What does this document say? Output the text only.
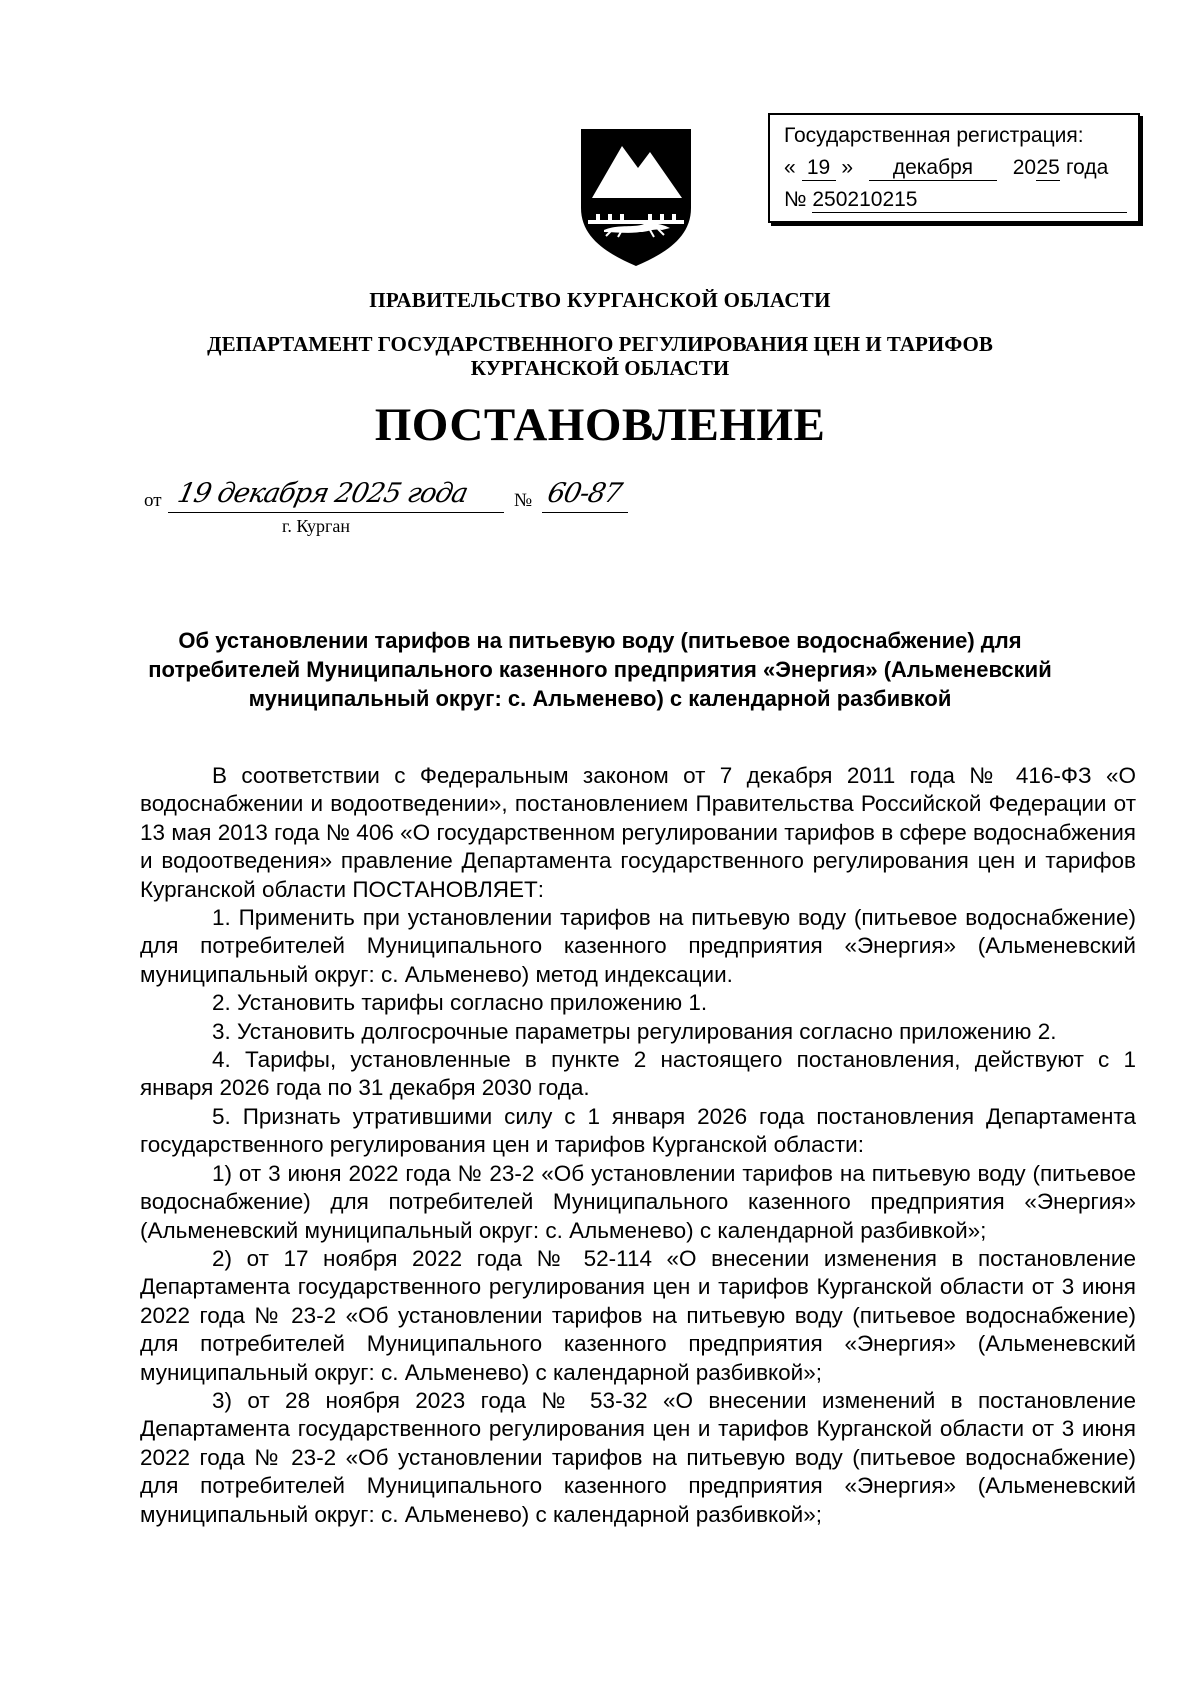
Государственная регистрация:
« 19 » декабря 2025 года
№ 250210215
ПРАВИТЕЛЬСТВО КУРГАНСКОЙ ОБЛАСТИ
ДЕПАРТАМЕНТ ГОСУДАРСТВЕННОГО РЕГУЛИРОВАНИЯ ЦЕН И ТАРИФОВ
КУРГАНСКОЙ ОБЛАСТИ
ПОСТАНОВЛЕНИЕ
от 19 декабря 2025 года № 60-87
г. Курган
Об установлении тарифов на питьевую воду (питьевое водоснабжение) для
потребителей Муниципального казенного предприятия «Энергия» (Альменевский
муниципальный округ: с. Альменево) с календарной разбивкой

В соответствии с Федеральным законом от 7 декабря 2011 года № 416-ФЗ «О водоснабжении и водоотведении», постановлением Правительства Российской Федерации от 13 мая 2013 года № 406 «О государственном регулировании тарифов в сфере водоснабжения и водоотведения» правление Департамента государственного регулирования цен и тарифов Курганской области ПОСТАНОВЛЯЕТ:

1. Применить при установлении тарифов на питьевую воду (питьевое водоснабжение) для потребителей Муниципального казенного предприятия «Энергия» (Альменевский муниципальный округ: с. Альменево) метод индексации.

2. Установить тарифы согласно приложению 1.

3. Установить долгосрочные параметры регулирования согласно приложению 2.

4. Тарифы, установленные в пункте 2 настоящего постановления, действуют с 1 января 2026 года по 31 декабря 2030 года.

5. Признать утратившими силу с 1 января 2026 года постановления Департамента государственного регулирования цен и тарифов Курганской области:

1) от 3 июня 2022 года № 23-2 «Об установлении тарифов на питьевую воду (питьевое водоснабжение) для потребителей Муниципального казенного предприятия «Энергия» (Альменевский муниципальный округ: с. Альменево) с календарной разбивкой»;

2) от 17 ноября 2022 года № 52-114 «О внесении изменения в постановление Департамента государственного регулирования цен и тарифов Курганской области от 3 июня 2022 года № 23-2 «Об установлении тарифов на питьевую воду (питьевое водоснабжение) для потребителей Муниципального казенного предприятия «Энергия» (Альменевский муниципальный округ: с. Альменево) с календарной разбивкой»;

3) от 28 ноября 2023 года № 53-32 «О внесении изменений в постановление Департамента государственного регулирования цен и тарифов Курганской области от 3 июня 2022 года № 23-2 «Об установлении тарифов на питьевую воду (питьевое водоснабжение) для потребителей Муниципального казенного предприятия «Энергия» (Альменевский муниципальный округ: с. Альменево) с календарной разбивкой»;
